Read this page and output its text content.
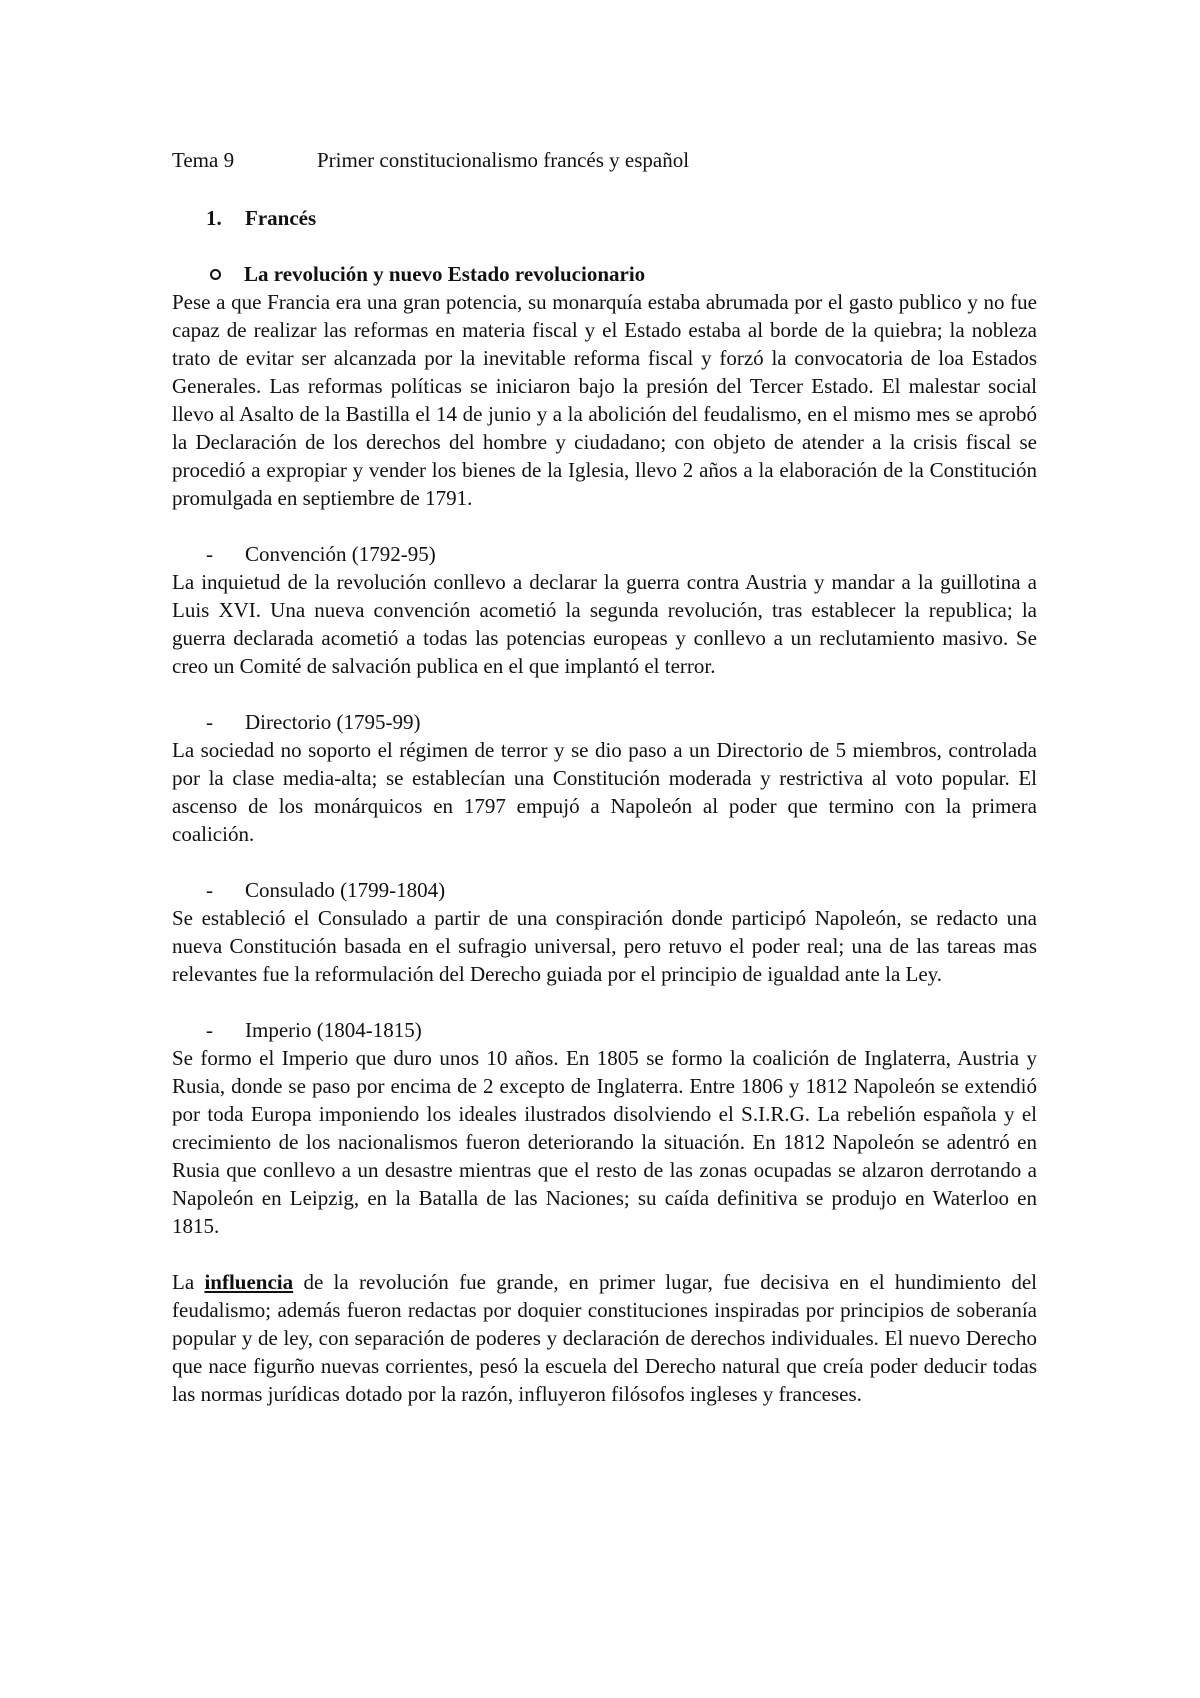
Tema 9	Primer constitucionalismo francés y español
1.	Francés
La revolución y nuevo Estado revolucionario

Pese a que Francia era una gran potencia, su monarquía estaba abrumada por el gasto publico y no fue capaz de realizar las reformas en materia fiscal y el Estado estaba al borde de la quiebra; la nobleza trato de evitar ser alcanzada por la inevitable reforma fiscal y forzó la convocatoria de loa Estados Generales. Las reformas políticas se iniciaron bajo la presión del Tercer Estado. El malestar social llevo al Asalto de la Bastilla el 14 de junio y a la abolición del feudalismo, en el mismo mes se aprobó la Declaración de los derechos del hombre y ciudadano; con objeto de atender a la crisis fiscal se procedió a expropiar y vender los bienes de la Iglesia, llevo 2 años a la elaboración de la Constitución promulgada en septiembre de 1791.

-	Convención (1792-95)

La inquietud de la revolución conllevo a declarar la guerra contra Austria y mandar a la guillotina a Luis XVI. Una nueva convención acometió la segunda revolución, tras establecer la republica; la guerra declarada acometió a todas las potencias europeas y conllevo a un reclutamiento masivo. Se creo un Comité de salvación publica en el que implantó el terror.

-	Directorio (1795-99)

La sociedad no soporto el régimen de terror y se dio paso a un Directorio de 5 miembros, controlada por la clase media-alta; se establecían una Constitución moderada y restrictiva al voto popular. El ascenso de los monárquicos en 1797 empujó a Napoleón al poder que termino con la primera coalición.

-	Consulado (1799-1804)

Se estableció el Consulado a partir de una conspiración donde participó Napoleón, se redacto una nueva Constitución basada en el sufragio universal, pero retuvo el poder real; una de las tareas mas relevantes fue la reformulación del Derecho guiada por el principio de igualdad ante la Ley.

-	Imperio (1804-1815)

Se formo el Imperio que duro unos 10 años. En 1805 se formo la coalición de Inglaterra, Austria y Rusia, donde se paso por encima de 2 excepto de Inglaterra. Entre 1806 y 1812 Napoleón se extendió por toda Europa imponiendo los ideales ilustrados disolviendo el S.I.R.G. La rebelión española y el crecimiento de los nacionalismos fueron deteriorando la situación. En 1812 Napoleón se adentró en Rusia que conllevo a un desastre mientras que el resto de las zonas ocupadas se alzaron derrotando a Napoleón en Leipzig, en la Batalla de las Naciones; su caída definitiva se produjo en Waterloo en 1815.

La influencia de la revolución fue grande, en primer lugar, fue decisiva en el hundimiento del feudalismo; además fueron redactas por doquier constituciones inspiradas por principios de soberanía popular y de ley, con separación de poderes y declaración de derechos individuales. El nuevo Derecho que nace figurño nuevas corrientes, pesó la escuela del Derecho natural que creía poder deducir todas las normas jurídicas dotado por la razón, influyeron filósofos ingleses y franceses.
